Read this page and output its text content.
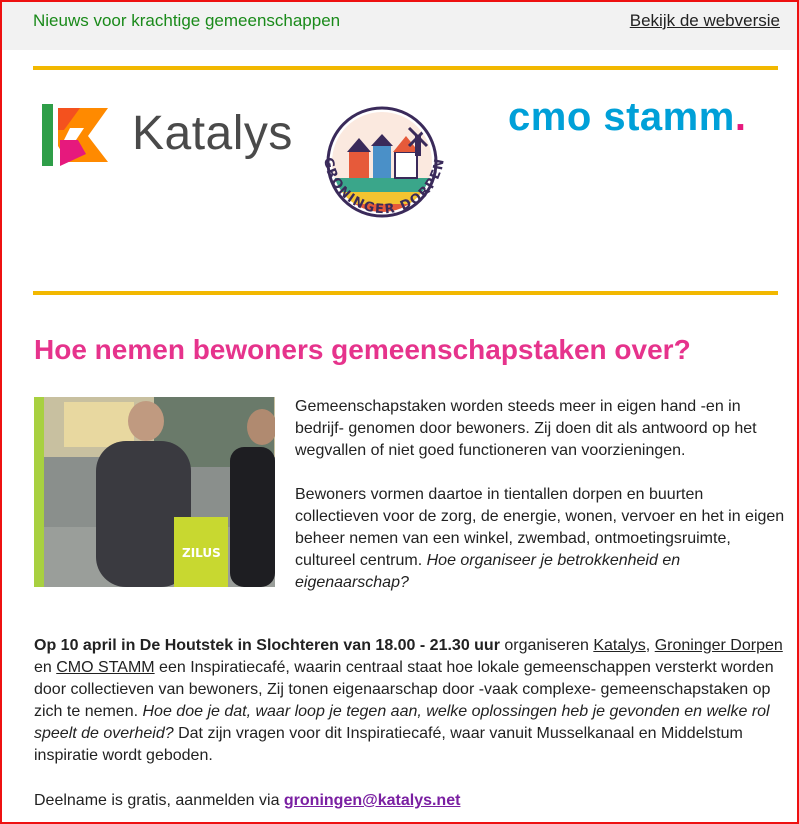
Nieuws voor krachtige gemeenschappen	Bekijk de webversie
Katalys
GRONINGER DORPEN
cmo stamm.
Hoe nemen bewoners gemeenschapstaken over?
ZILUS

Gemeenschapstaken worden steeds meer in eigen hand -en in bedrijf- genomen door bewoners. Zij doen dit als antwoord op het wegvallen of niet goed functioneren van voorzieningen.

Bewoners vormen daartoe in tientallen dorpen en buurten collectieven voor de zorg, de energie, wonen, vervoer en het in eigen beheer nemen van een winkel, zwembad, ontmoetingsruimte, cultureel centrum. Hoe organiseer je betrokkenheid en eigenaarschap?

Op 10 april in De Houtstek in Slochteren van 18.00 - 21.30 uur organiseren Katalys, Groninger Dorpen en CMO STAMM een Inspiratiecafé, waarin centraal staat hoe lokale gemeenschappen versterkt worden door collectieven van bewoners, Zij tonen eigenaarschap door -vaak complexe- gemeenschapstaken op zich te nemen. Hoe doe je dat, waar loop je tegen aan, welke oplossingen heb je gevonden en welke rol speelt de overheid? Dat zijn vragen voor dit Inspiratiecafé, waar vanuit Musselkanaal en Middelstum inspiratie wordt geboden.

Deelname is gratis, aanmelden via groningen@katalys.net
